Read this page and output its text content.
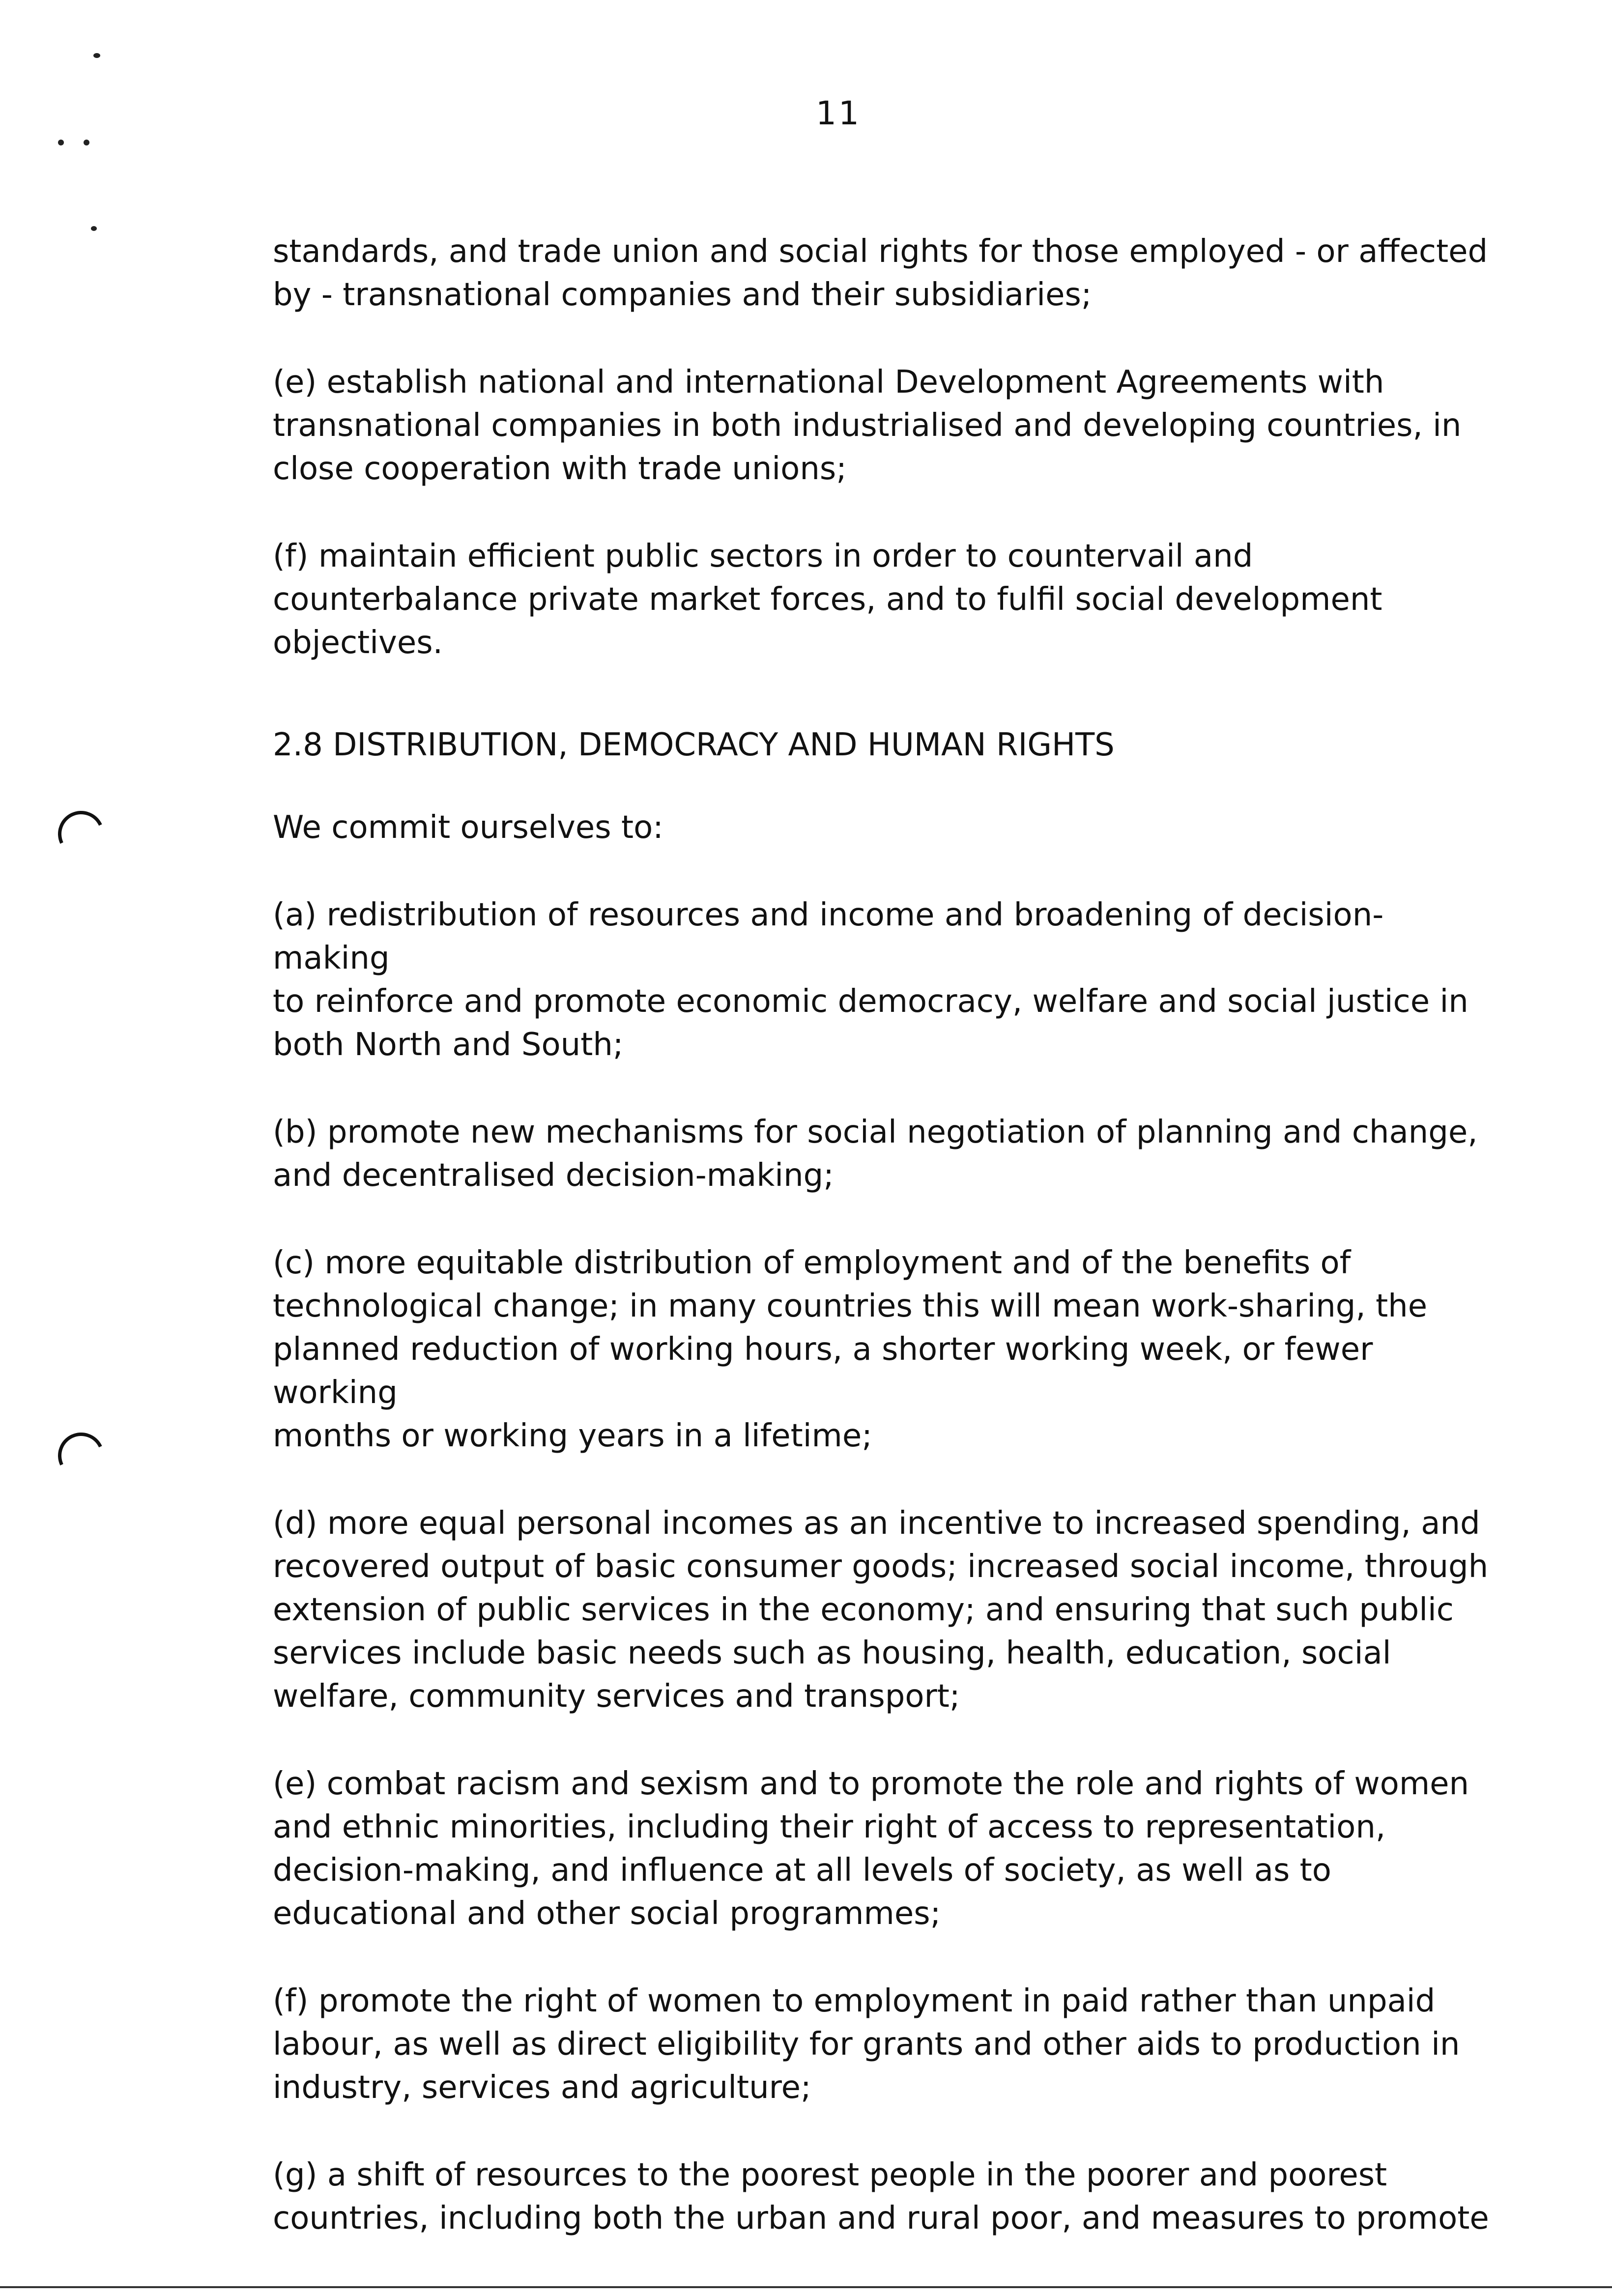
11

standards, and trade union and social rights for those employed - or affected
by - transnational companies and their subsidiaries;

(e) establish national and international Development Agreements with
transnational companies in both industrialised and developing countries, in
close cooperation with trade unions;

(f) maintain efficient public sectors in order to countervail and
counterbalance private market forces, and to fulfil social development
objectives.

2.8 DISTRIBUTION, DEMOCRACY AND HUMAN RIGHTS

We commit ourselves to:

(a) redistribution of resources and income and broadening of decision-making
to reinforce and promote economic democracy, welfare and social justice in
both North and South;

(b) promote new mechanisms for social negotiation of planning and change,
and decentralised decision-making;

(c) more equitable distribution of employment and of the benefits of
technological change; in many countries this will mean work-sharing, the
planned reduction of working hours, a shorter working week, or fewer working
months or working years in a lifetime;

(d) more equal personal incomes as an incentive to increased spending, and
recovered output of basic consumer goods; increased social income, through
extension of public services in the economy; and ensuring that such public
services include basic needs such as housing, health, education, social
welfare, community services and transport;

(e) combat racism and sexism and to promote the role and rights of women
and ethnic minorities, including their right of access to representation,
decision-making, and influence at all levels of society, as well as to
educational and other social programmes;

(f) promote the right of women to employment in paid rather than unpaid
labour, as well as direct eligibility for grants and other aids to production in
industry, services and agriculture;

(g) a shift of resources to the poorest people in the poorer and poorest
countries, including both the urban and rural poor, and measures to promote
